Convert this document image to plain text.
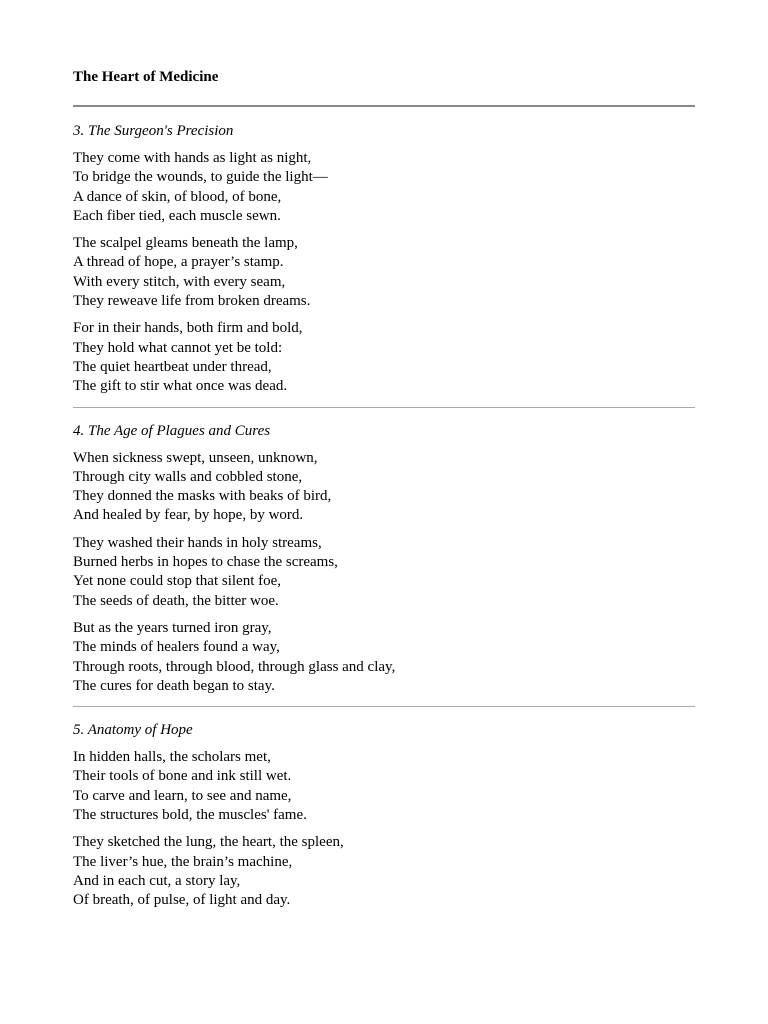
The Heart of Medicine
3. The Surgeon's Precision
They come with hands as light as night,
To bridge the wounds, to guide the light—
A dance of skin, of blood, of bone,
Each fiber tied, each muscle sewn.
The scalpel gleams beneath the lamp,
A thread of hope, a prayer’s stamp.
With every stitch, with every seam,
They reweave life from broken dreams.
For in their hands, both firm and bold,
They hold what cannot yet be told:
The quiet heartbeat under thread,
The gift to stir what once was dead.
4. The Age of Plagues and Cures
When sickness swept, unseen, unknown,
Through city walls and cobbled stone,
They donned the masks with beaks of bird,
And healed by fear, by hope, by word.
They washed their hands in holy streams,
Burned herbs in hopes to chase the screams,
Yet none could stop that silent foe,
The seeds of death, the bitter woe.
But as the years turned iron gray,
The minds of healers found a way,
Through roots, through blood, through glass and clay,
The cures for death began to stay.
5. Anatomy of Hope
In hidden halls, the scholars met,
Their tools of bone and ink still wet.
To carve and learn, to see and name,
The structures bold, the muscles' fame.
They sketched the lung, the heart, the spleen,
The liver’s hue, the brain’s machine,
And in each cut, a story lay,
Of breath, of pulse, of light and day.
